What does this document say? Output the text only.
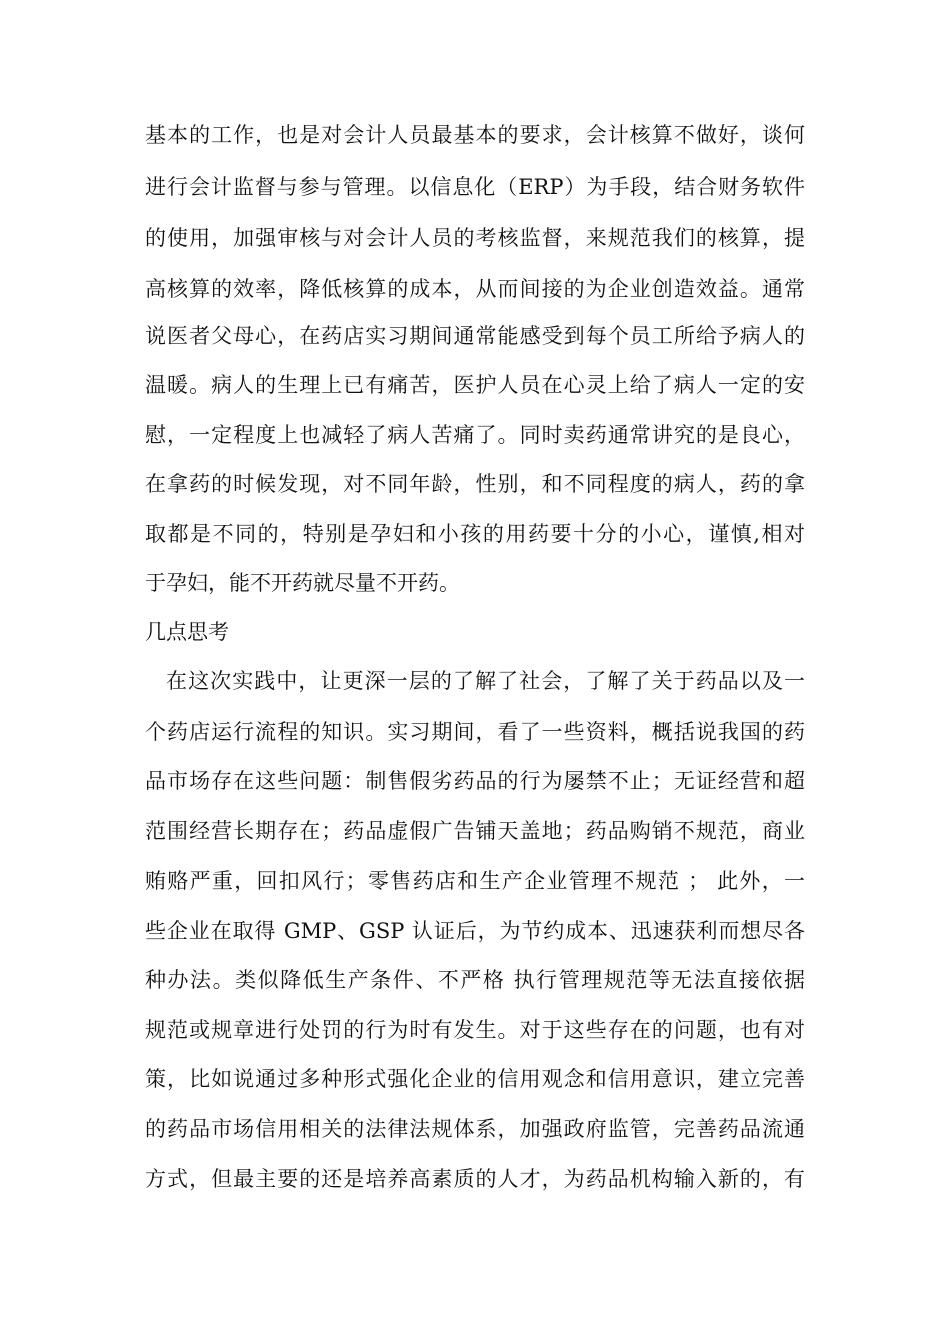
基本的工作，也是对会计人员最基本的要求，会计核算不做好，谈何
进行会计监督与参与管理。以信息化（ERP）为手段，结合财务软件
的使用，加强审核与对会计人员的考核监督，来规范我们的核算，提
高核算的效率，降低核算的成本，从而间接的为企业创造效益。通常
说医者父母心，在药店实习期间通常能感受到每个员工所给予病人的
温暖。病人的生理上已有痛苦，医护人员在心灵上给了病人一定的安
慰，一定程度上也减轻了病人苦痛了。同时卖药通常讲究的是良心，
在拿药的时候发现，对不同年龄，性别，和不同程度的病人，药的拿
取都是不同的，特别是孕妇和小孩的用药要十分的小心，谨慎,相对
于孕妇，能不开药就尽量不开药。
几点思考
在这次实践中，让更深一层的了解了社会，了解了关于药品以及一
个药店运行流程的知识。实习期间，看了一些资料，概括说我国的药
品市场存在这些问题：制售假劣药品的行为屡禁不止；无证经营和超
范围经营长期存在；药品虚假广告铺天盖地；药品购销不规范，商业
贿赂严重，回扣风行；零售药店和生产企业管理不规范 ； 此外，一
些企业在取得 GMP、GSP 认证后，为节约成本、迅速获利而想尽各
种办法。类似降低生产条件、不严格 执行管理规范等无法直接依据
规范或规章进行处罚的行为时有发生。对于这些存在的问题，也有对
策，比如说通过多种形式强化企业的信用观念和信用意识，建立完善
的药品市场信用相关的法律法规体系，加强政府监管，完善药品流通
方式，但最主要的还是培养高素质的人才，为药品机构输入新的，有
